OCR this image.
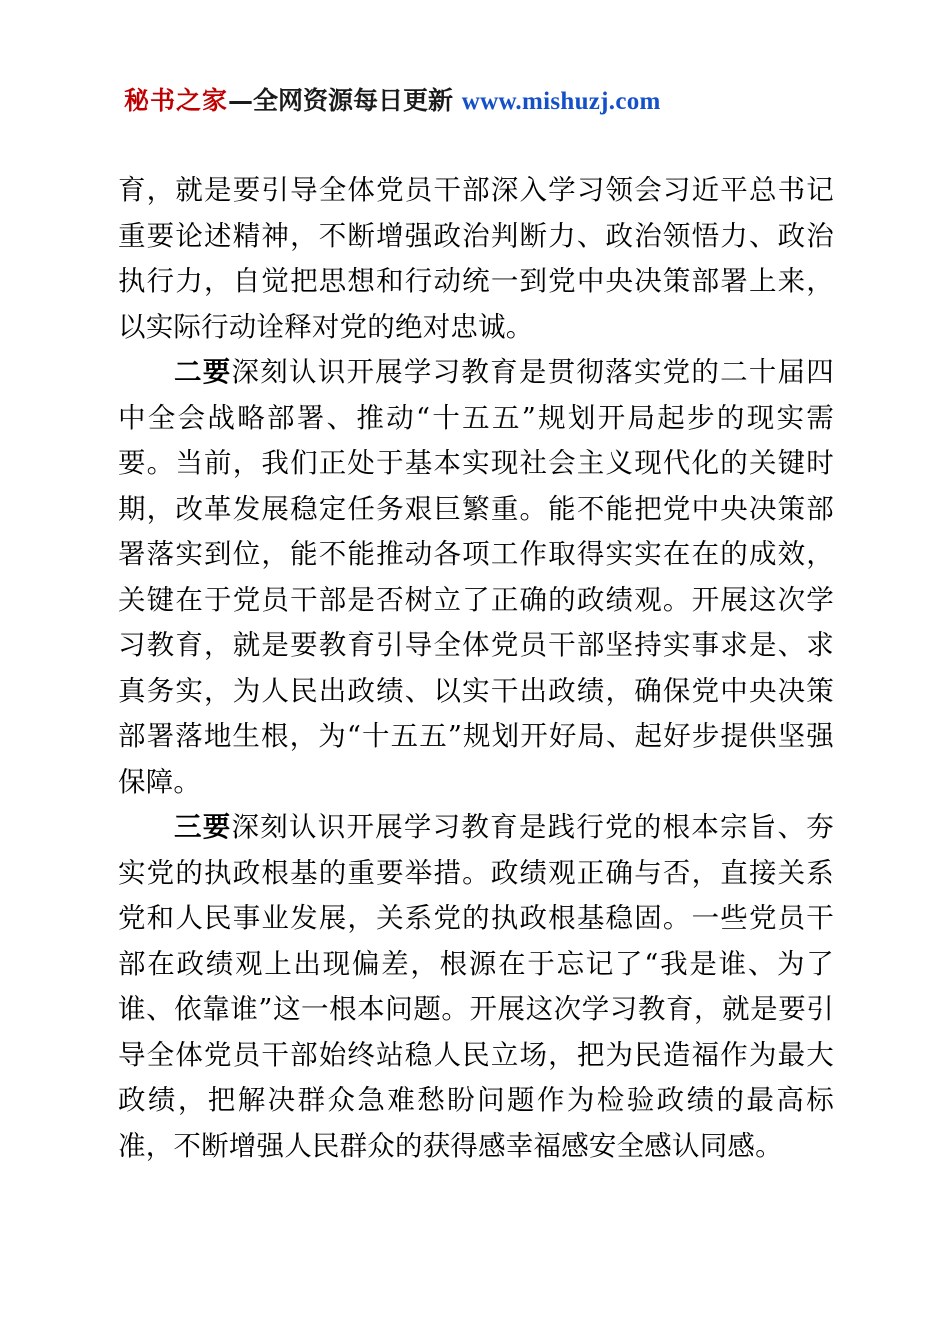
秘书之家—全网资源每日更新 www.mishuzj.com

育，就是要引导全体党员干部深入学习领会习近平总书记重要论述精神，不断增强政治判断力、政治领悟力、政治执行力，自觉把思想和行动统一到党中央决策部署上来，以实际行动诠释对党的绝对忠诚。

二要深刻认识开展学习教育是贯彻落实党的二十届四中全会战略部署、推动“十五五”规划开局起步的现实需要。当前，我们正处于基本实现社会主义现代化的关键时期，改革发展稳定任务艰巨繁重。能不能把党中央决策部署落实到位，能不能推动各项工作取得实实在在的成效，关键在于党员干部是否树立了正确的政绩观。开展这次学习教育，就是要教育引导全体党员干部坚持实事求是、求真务实，为人民出政绩、以实干出政绩，确保党中央决策部署落地生根，为“十五五”规划开好局、起好步提供坚强保障。

三要深刻认识开展学习教育是践行党的根本宗旨、夯实党的执政根基的重要举措。政绩观正确与否，直接关系党和人民事业发展，关系党的执政根基稳固。一些党员干部在政绩观上出现偏差，根源在于忘记了“我是谁、为了谁、依靠谁”这一根本问题。开展这次学习教育，就是要引导全体党员干部始终站稳人民立场，把为民造福作为最大政绩，把解决群众急难愁盼问题作为检验政绩的最高标准，不断增强人民群众的获得感幸福感安全感认同感。
